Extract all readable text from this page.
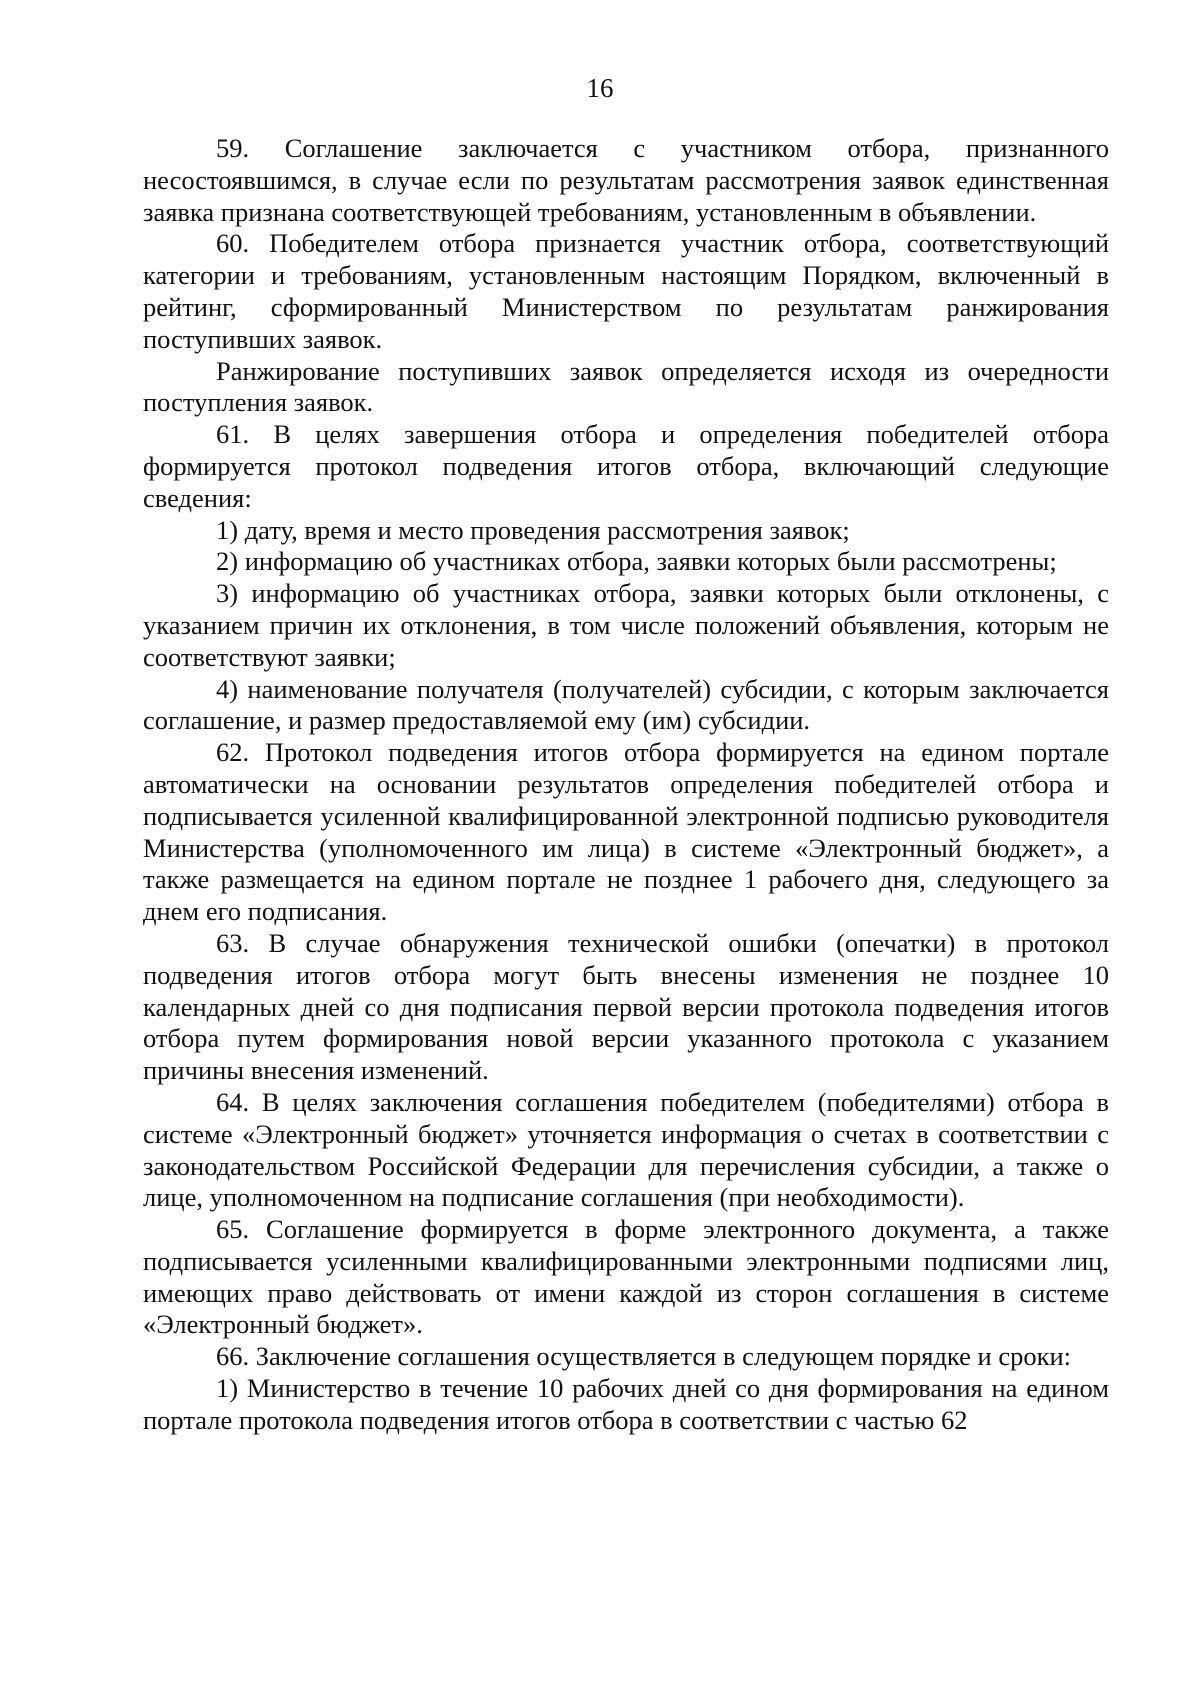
16

59. Соглашение заключается с участником отбора, признанного несостоявшимся, в случае если по результатам рассмотрения заявок единственная заявка признана соответствующей требованиям, установленным в объявлении.

60. Победителем отбора признается участник отбора, соответствующий категории и требованиям, установленным настоящим Порядком, включенный в рейтинг, сформированный Министерством по результатам ранжирования поступивших заявок.

Ранжирование поступивших заявок определяется исходя из очередности поступления заявок.

61. В целях завершения отбора и определения победителей отбора формируется протокол подведения итогов отбора, включающий следующие сведения:

1) дату, время и место проведения рассмотрения заявок;

2) информацию об участниках отбора, заявки которых были рассмотрены;

3) информацию об участниках отбора, заявки которых были отклонены, с указанием причин их отклонения, в том числе положений объявления, которым не соответствуют заявки;

4) наименование получателя (получателей) субсидии, с которым заключается соглашение, и размер предоставляемой ему (им) субсидии.

62. Протокол подведения итогов отбора формируется на едином портале автоматически на основании результатов определения победителей отбора и подписывается усиленной квалифицированной электронной подписью руководителя Министерства (уполномоченного им лица) в системе «Электронный бюджет», а также размещается на едином портале не позднее 1 рабочего дня, следующего за днем его подписания.

63. В случае обнаружения технической ошибки (опечатки) в протокол подведения итогов отбора могут быть внесены изменения не позднее 10 календарных дней со дня подписания первой версии протокола подведения итогов отбора путем формирования новой версии указанного протокола с указанием причины внесения изменений.

64. В целях заключения соглашения победителем (победителями) отбора в системе «Электронный бюджет» уточняется информация о счетах в соответствии с законодательством Российской Федерации для перечисления субсидии, а также о лице, уполномоченном на подписание соглашения (при необходимости).

65. Соглашение формируется в форме электронного документа, а также подписывается усиленными квалифицированными электронными подписями лиц, имеющих право действовать от имени каждой из сторон соглашения в системе «Электронный бюджет».

66. Заключение соглашения осуществляется в следующем порядке и сроки:

1) Министерство в течение 10 рабочих дней со дня формирования на едином портале протокола подведения итогов отбора в соответствии с частью 62
